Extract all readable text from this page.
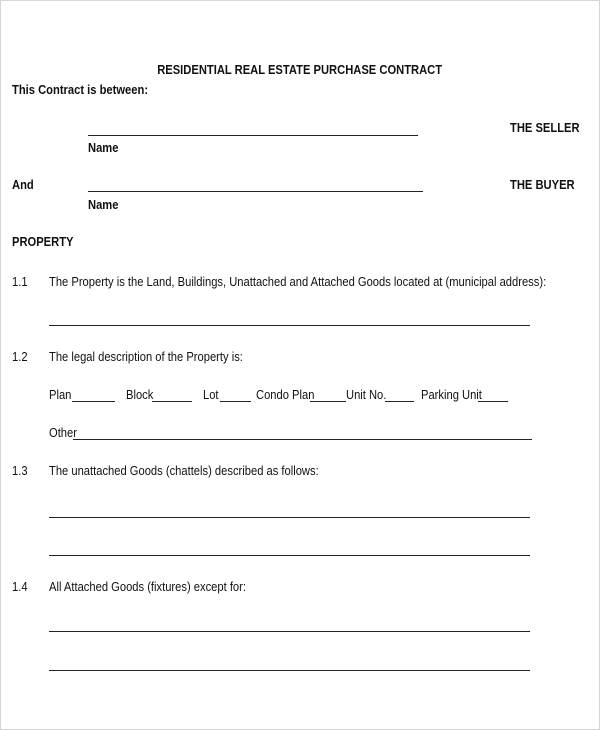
RESIDENTIAL REAL ESTATE PURCHASE CONTRACT
This Contract is between:
THE SELLER
Name
And	THE BUYER
Name
PROPERTY
1.1 The Property is the Land, Buildings, Unattached and Attached Goods located at (municipal address):
1.2 The legal description of the Property is:
Plan	Block	Lot	Condo Plan Unit No.	Parking Unit
Other
1.3 The unattached Goods (chattels) described as follows:
1.4 All Attached Goods (fixtures) except for:
